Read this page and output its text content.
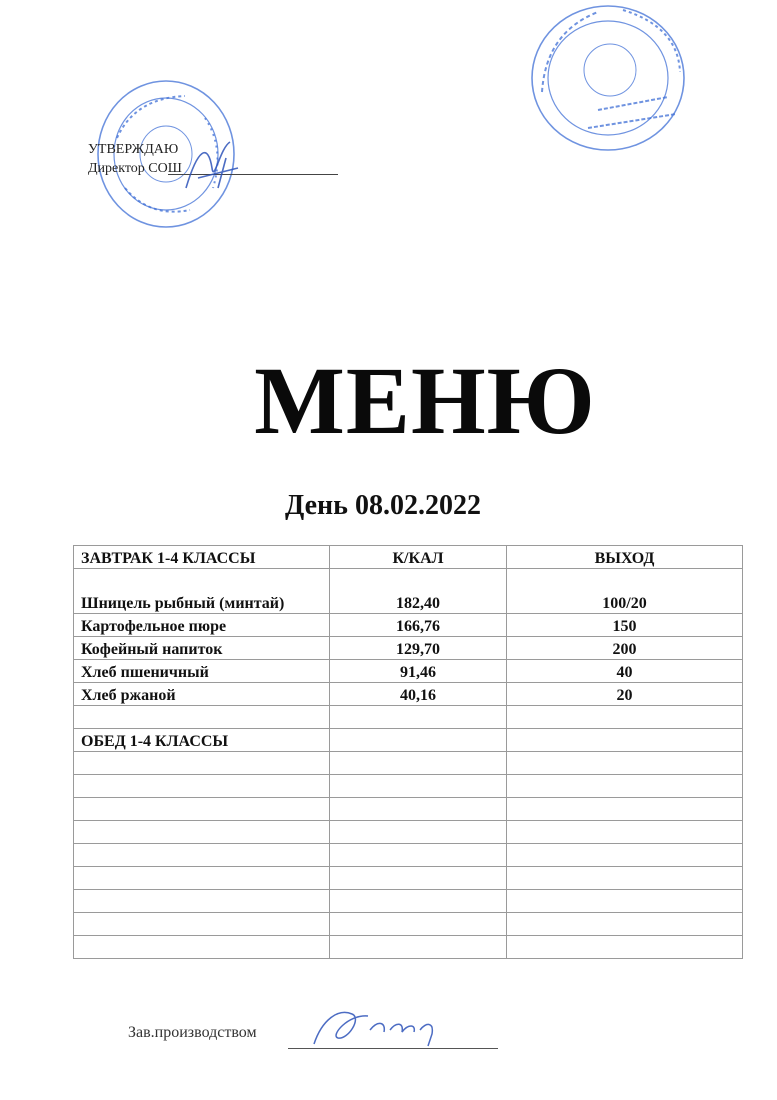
УТВЕРЖДАЮ
Директор СОШ
МЕНЮ
День 08.02.2022
ЗАВТРАК 1-4 КЛАССЫ	К/КАЛ	ВЫХОД
Шницель рыбный (минтай)	182,40	100/20
Картофельное пюре	166,76	150
Кофейный напиток	129,70	200
Хлеб пшеничный	91,46	40
Хлеб ржаной	40,16	20

ОБЕД 1-4 КЛАССЫ		

Зав.производством
